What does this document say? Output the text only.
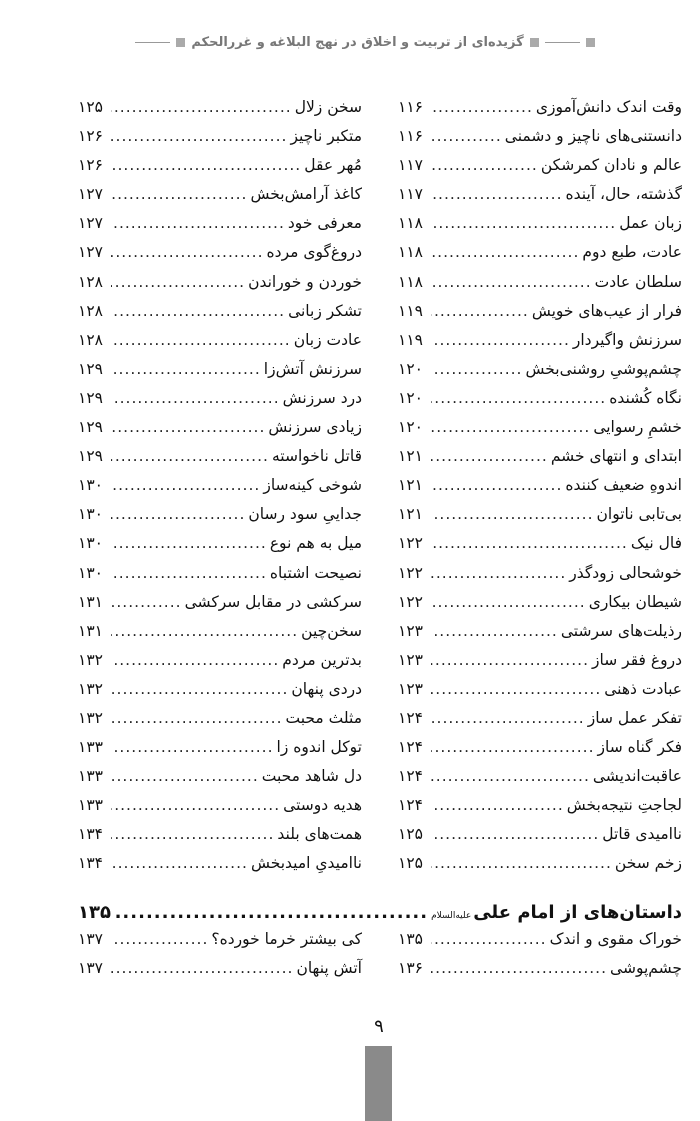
گزیده‌ای از تربیت و اخلاق در نهج البلاغه و غررالحکم
وقت اندک دانش‌آموزی
.....
۱۱۶
دانستنی‌های ناچیز و دشمنی
.....
۱۱۶
عالم و نادان کمرشکن
.....
۱۱۷
گذشته، حال، آینده
.....
۱۱۷
زبان عمل
.....
۱۱۸
عادت، طبع دوم
.....
۱۱۸
سلطان عادت
.....
۱۱۸
فرار از عیب‌های خویش
.....
۱۱۹
سرزنش واگیردار
.....
۱۱۹
چشم‌پوشیِ روشنی‌بخش
.....
۱۲۰
نگاه کُشنده
.....
۱۲۰
خشمِ رسوایی
.....
۱۲۰
ابتدای و انتهای خشم
.....
۱۲۱
اندوهِ ضعیف کننده
.....
۱۲۱
بی‌تابی ناتوان
.....
۱۲۱
فال نیک
.....
۱۲۲
خوشحالی زودگذر
.....
۱۲۲
شیطان بیکاری
.....
۱۲۲
رذیلت‌های سرشتی
.....
۱۲۳
دروغ فقر ساز
.....
۱۲۳
عبادت ذهنی
.....
۱۲۳
تفکر عمل ساز
.....
۱۲۴
فکر گناه ساز
.....
۱۲۴
عاقبت‌اندیشی
.....
۱۲۴
لجاجتِ نتیجه‌بخش
.....
۱۲۴
ناامیدی قاتل
.....
۱۲۵
زخم سخن
.....
۱۲۵
سخن زلال
.....
۱۲۵
متکبر ناچیز
.....
۱۲۶
مُهر عقل
.....
۱۲۶
کاغذ آرامش‌بخش
.....
۱۲۷
معرفی خود
.....
۱۲۷
دروغ‌گوی مرده
.....
۱۲۷
خوردن و خوراندن
.....
۱۲۸
تشکر زبانی
.....
۱۲۸
عادت زبان
.....
۱۲۸
سرزنش آتش‌زا
.....
۱۲۹
درد سرزنش
.....
۱۲۹
زیادی سرزنش
.....
۱۲۹
قاتل ناخواسته
.....
۱۲۹
شوخی کینه‌ساز
.....
۱۳۰
جداییِ سود رسان
.....
۱۳۰
میل به هم نوع
.....
۱۳۰
نصیحت اشتباه
.....
۱۳۰
سرکشی در مقابل سرکشی
.....
۱۳۱
سخن‌چین
.....
۱۳۱
بدترین مردم
.....
۱۳۲
دردی پنهان
.....
۱۳۲
مثلث محبت
.....
۱۳۲
توکل اندوه زا
.....
۱۳۳
دل شاهد محبت
.....
۱۳۳
هدیه دوستی
.....
۱۳۳
همت‌های بلند
.....
۱۳۴
ناامیدیِ امیدبخش
.....
۱۳۴
داستان‌های از امام علی
علیه‌السلام
.....
۱۳۵
خوراک مقوی و اندک
.....
۱۳۵
چشم‌پوشی
.....
۱۳۶
کی بیشتر خرما خورده؟
.....
۱۳۷
آتش پنهان
.....
۱۳۷
۹
